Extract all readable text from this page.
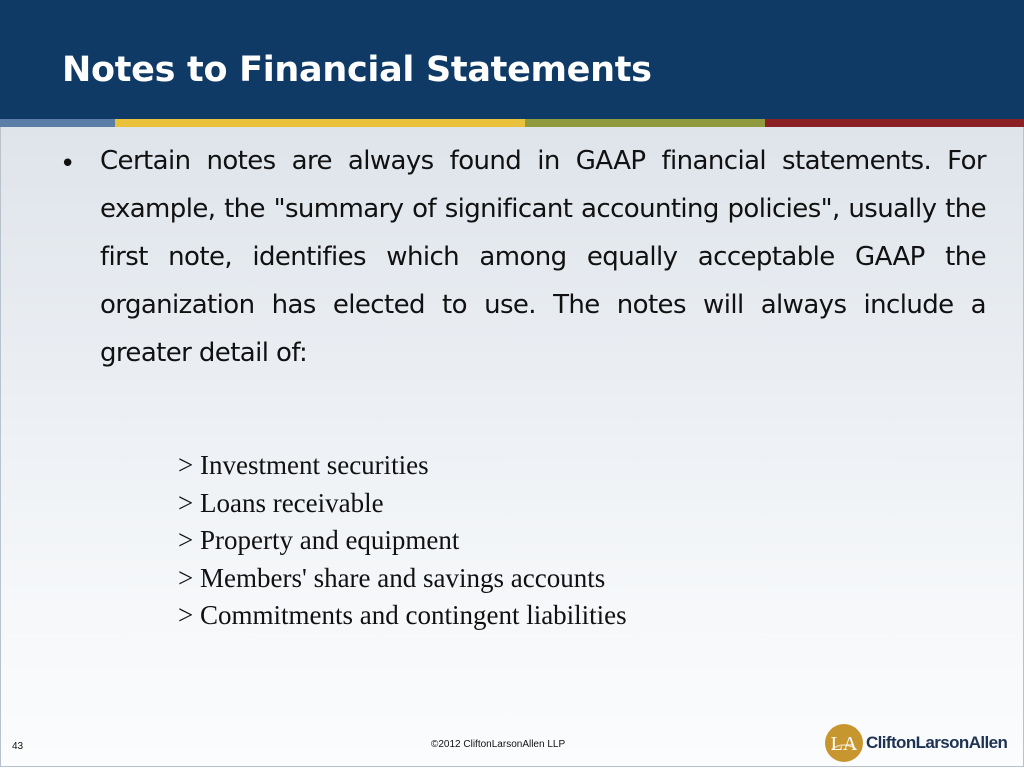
Notes to Financial Statements
• Certain notes are always found in GAAP financial statements. For example, the "summary of significant accounting policies", usually the first note, identifies which among equally acceptable GAAP the organization has elected to use. The notes will always include a greater detail of:

> Investment securities
> Loans receivable
> Property and equipment
> Members' share and savings accounts
> Commitments and contingent liabilities
43	©2012 CliftonLarsonAllen LLP	LA CliftonLarsonAllen
